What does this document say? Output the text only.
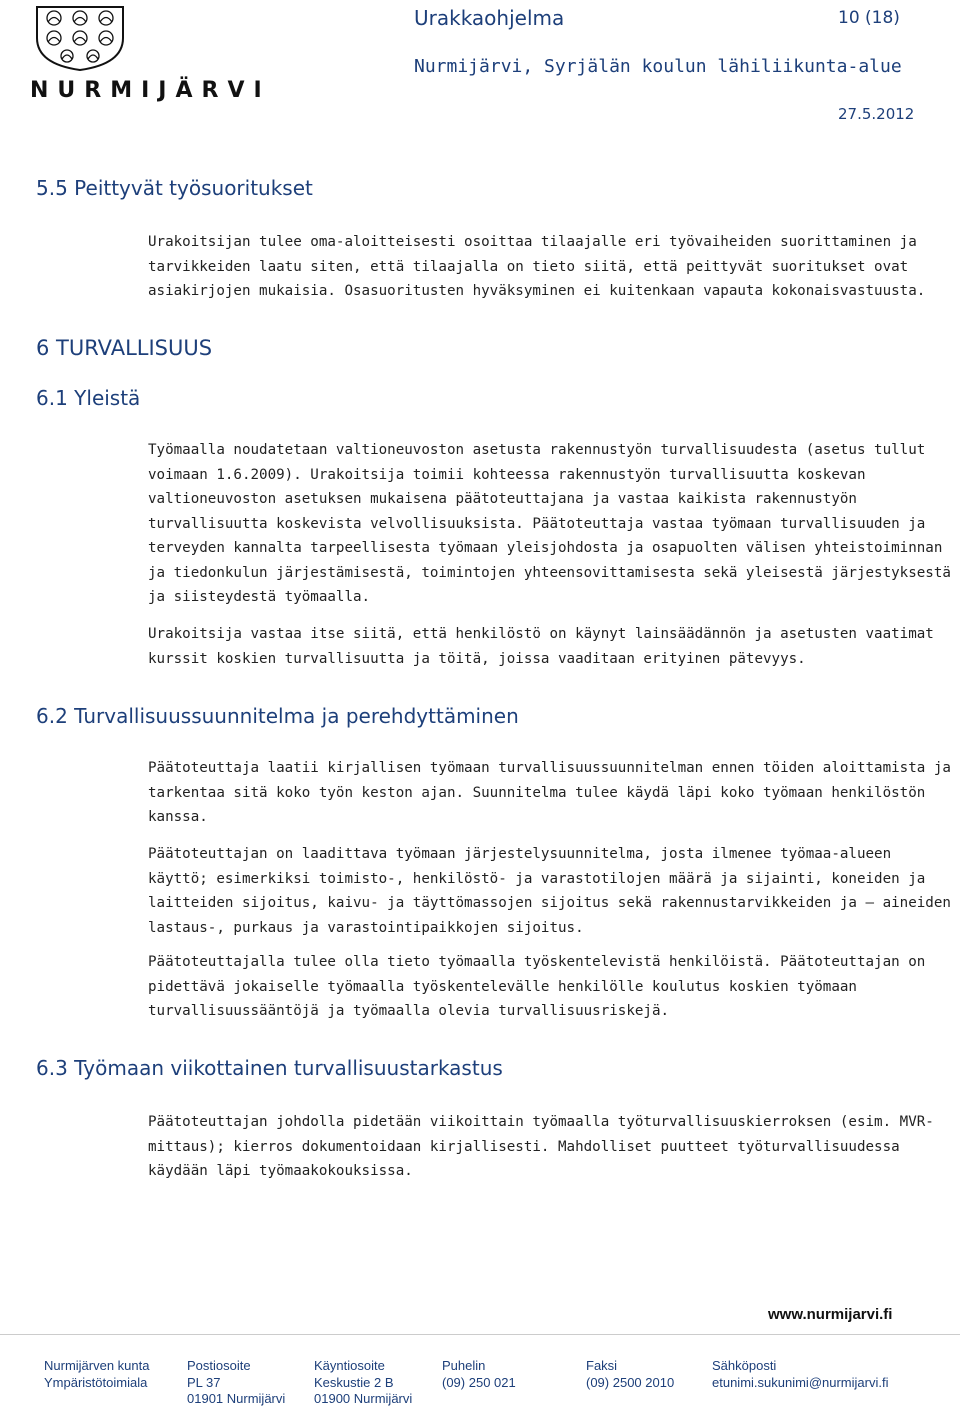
NURMIJÄRVI
Urakkaohjelma	10 (18)
Nurmijärvi, Syrjälän koulun lähiliikunta-alue
27.5.2012
5.5 Peittyvät työsuoritukset

Urakoitsijan tulee oma-aloitteisesti osoittaa tilaajalle eri työvaiheiden suorittaminen ja tarvikkeiden laatu siten, että tilaajalla on tieto siitä, että peittyvät suoritukset ovat asiakirjojen mukaisia. Osasuoritusten hyväksyminen ei kuitenkaan vapauta kokonaisvastuusta.

6 TURVALLISUUS
6.1 Yleistä

Työmaalla noudatetaan valtioneuvoston asetusta rakennustyön turvallisuudesta (asetus tullut voimaan 1.6.2009). Urakoitsija toimii kohteessa rakennustyön turvallisuutta koskevan valtioneuvoston asetuksen mukaisena päätoteuttajana ja vastaa kaikista rakennustyön turvallisuutta koskevista velvollisuuksista. Päätoteuttaja vastaa työmaan turvallisuuden ja terveyden kannalta tarpeellisesta työmaan yleisjohdosta ja osapuolten välisen yhteistoiminnan ja tiedonkulun järjestämisestä, toimintojen yhteensovittamisesta sekä yleisestä järjestyksestä ja siisteydestä työmaalla.

Urakoitsija vastaa itse siitä, että henkilöstö on käynyt lainsäädännön ja asetusten vaatimat kurssit koskien turvallisuutta ja töitä, joissa vaaditaan erityinen pätevyys.

6.2 Turvallisuussuunnitelma ja perehdyttäminen

Päätoteuttaja laatii kirjallisen työmaan turvallisuussuunnitelman ennen töiden aloittamista ja tarkentaa sitä koko työn keston ajan. Suunnitelma tulee käydä läpi koko työmaan henkilöstön kanssa.

Päätoteuttajan on laadittava työmaan järjestelysuunnitelma, josta ilmenee työmaa-alueen käyttö; esimerkiksi toimisto-, henkilöstö- ja varastotilojen määrä ja sijainti, koneiden ja laitteiden sijoitus, kaivu- ja täyttömassojen sijoitus sekä rakennustarvikkeiden ja — aineiden lastaus-, purkaus ja varastointipaikkojen sijoitus.

Päätoteuttajalla tulee olla tieto työmaalla työskentelevistä henkilöistä. Päätoteuttajan on pidettävä jokaiselle työmaalla työskentelevälle henkilölle koulutus koskien työmaan turvallisuussääntöjä ja työmaalla olevia turvallisuusriskejä.

6.3 Työmaan viikottainen turvallisuustarkastus

Päätoteuttajan johdolla pidetään viikoittain työmaalla työturvallisuuskierroksen (esim. MVR-mittaus); kierros dokumentoidaan kirjallisesti. Mahdolliset puutteet työturvallisuudessa käydään läpi työmaakokouksissa.

www.nurmijarvi.fi
Nurmijärven kunta
Ympäristötoimiala
Postiosoite
PL 37
01901 Nurmijärvi
Käyntiosoite
Keskustie 2 B
01900 Nurmijärvi
Puhelin
(09) 250 021
Faksi
(09) 2500 2010
Sähköposti
etunimi.sukunimi@nurmijarvi.fi
